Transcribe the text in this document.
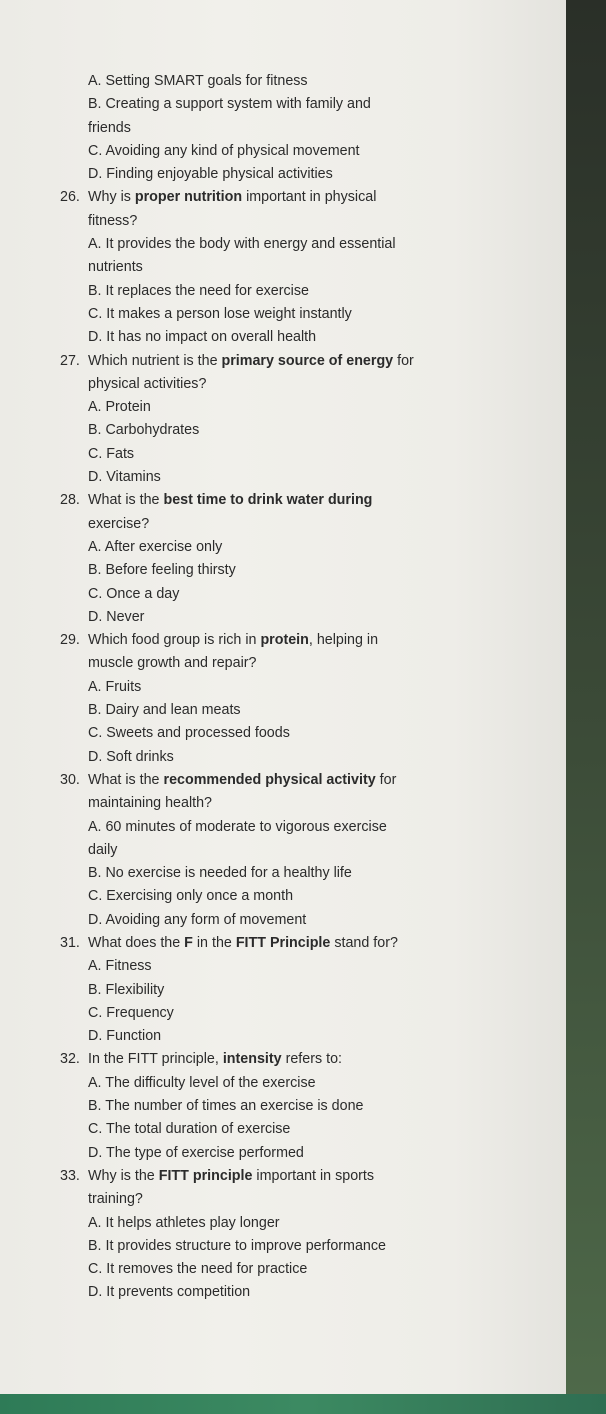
A. Setting SMART goals for fitness
B. Creating a support system with family and
friends
C. Avoiding any kind of physical movement
D. Finding enjoyable physical activities
26. Why is proper nutrition important in physical
fitness?
A. It provides the body with energy and essential
nutrients
B. It replaces the need for exercise
C. It makes a person lose weight instantly
D. It has no impact on overall health
27. Which nutrient is the primary source of energy for
physical activities?
A. Protein
B. Carbohydrates
C. Fats
D. Vitamins
28. What is the best time to drink water during
exercise?
A. After exercise only
B. Before feeling thirsty
C. Once a day
D. Never
29. Which food group is rich in protein, helping in
muscle growth and repair?
A. Fruits
B. Dairy and lean meats
C. Sweets and processed foods
D. Soft drinks
30. What is the recommended physical activity for
maintaining health?
A. 60 minutes of moderate to vigorous exercise
daily
B. No exercise is needed for a healthy life
C. Exercising only once a month
D. Avoiding any form of movement
31. What does the F in the FITT Principle stand for?
A. Fitness
B. Flexibility
C. Frequency
D. Function
32. In the FITT principle, intensity refers to:
A. The difficulty level of the exercise
B. The number of times an exercise is done
C. The total duration of exercise
D. The type of exercise performed
33. Why is the FITT principle important in sports
training?
A. It helps athletes play longer
B. It provides structure to improve performance
C. It removes the need for practice
D. It prevents competition
